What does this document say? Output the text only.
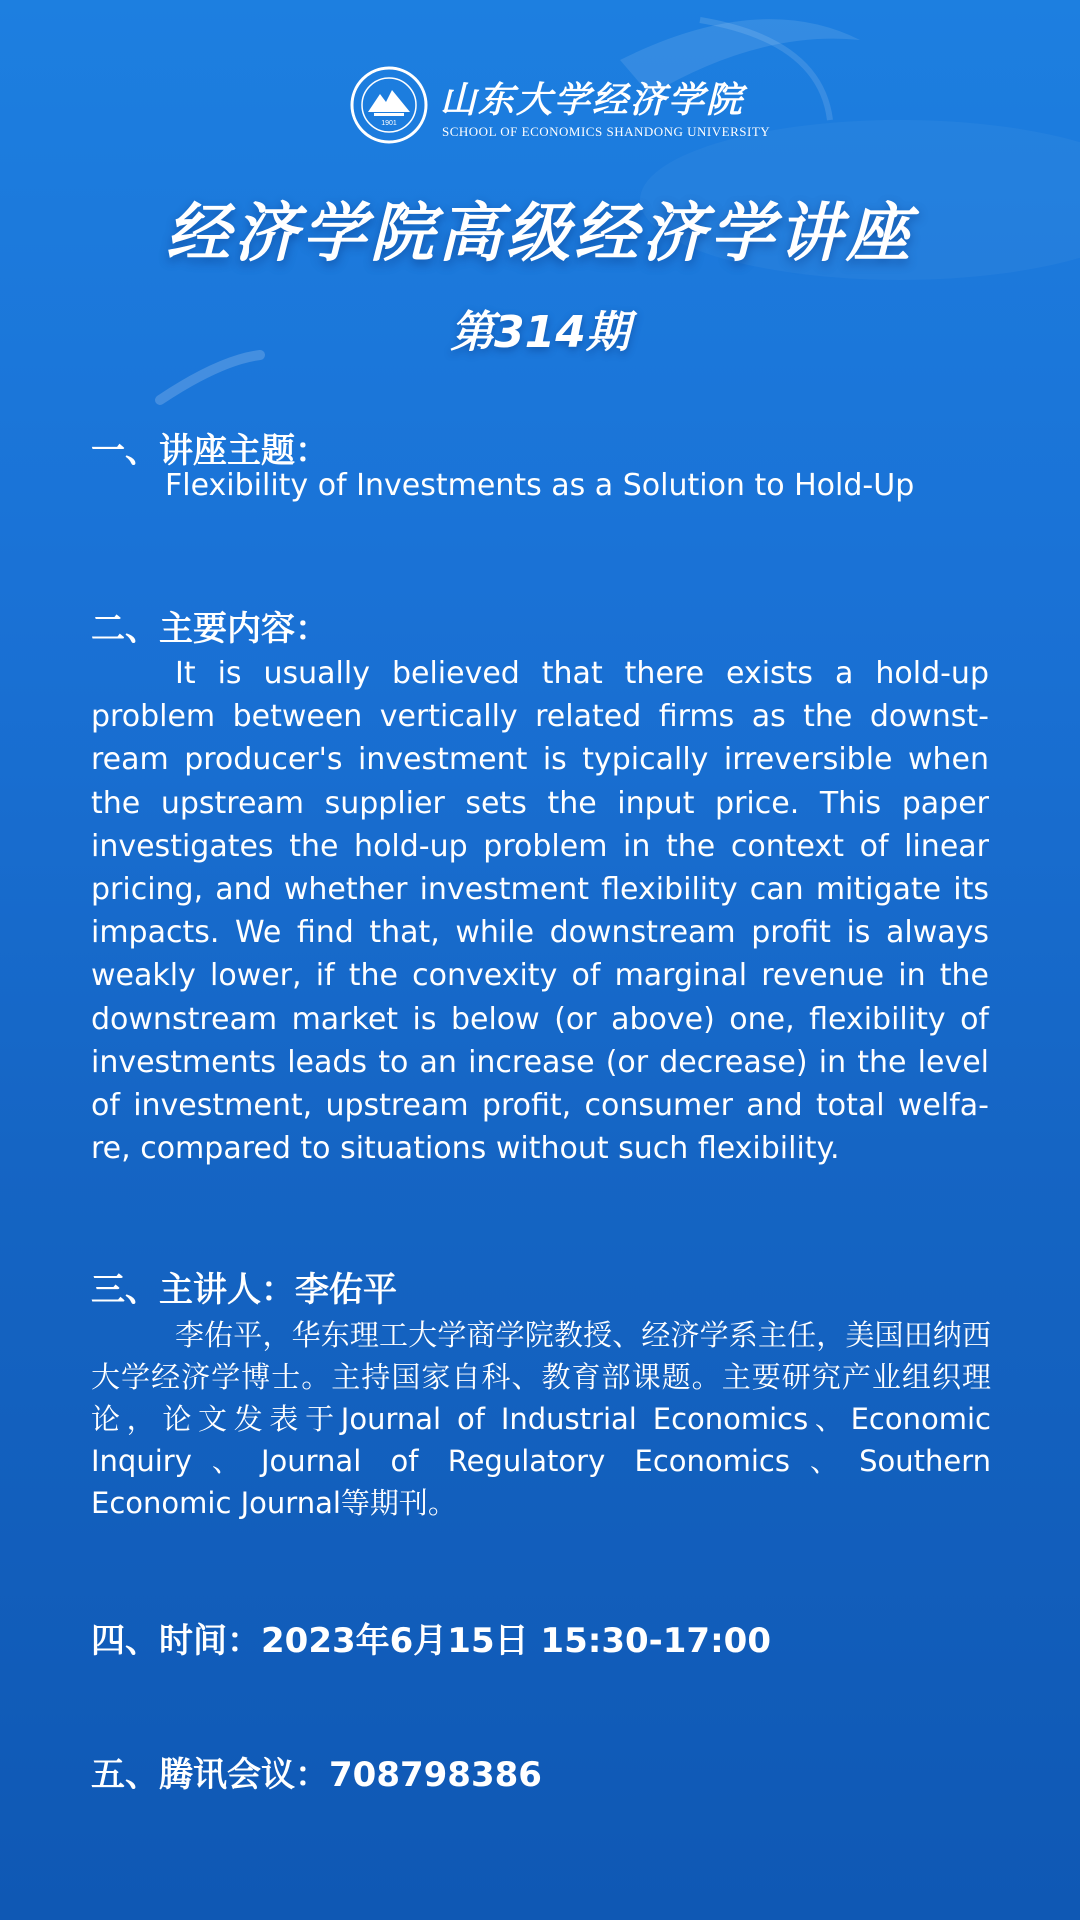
1901
山东大学经济学院
SCHOOL OF ECONOMICS SHANDONG UNIVERSITY
经济学院高级经济学讲座
第314期
一、讲座主题：
Flexibility of Investments as a Solution to Hold-Up
二、主要内容：
It is usually believed that there exists a hold-up problem between vertically related firms as the downst-ream producer's investment is typically irreversible when the upstream supplier sets the input price. This paper investigates the hold-up problem in the context of linear pricing, and whether investment flexibility can mitigate its impacts. We find that, while downstream profit is always weakly lower, if the convexity of marginal revenue in the downstream market is below (or above) one, flexibility of investments leads to an increase (or decrease) in the level of investment, upstream profit, consumer and total welfa-re, compared to situations without such flexibility.
三、主讲人：李佑平
李佑平，华东理工大学商学院教授、经济学系主任，美国田纳西大学经济学博士。主持国家自科、教育部课题。主要研究产业组织理论，论文发表于Journal of Industrial Economics、Economic Inquiry、Journal of Regulatory Economics、Southern Economic Journal等期刊。
四、时间：2023年6月15日 15:30-17:00
五、腾讯会议：708798386
